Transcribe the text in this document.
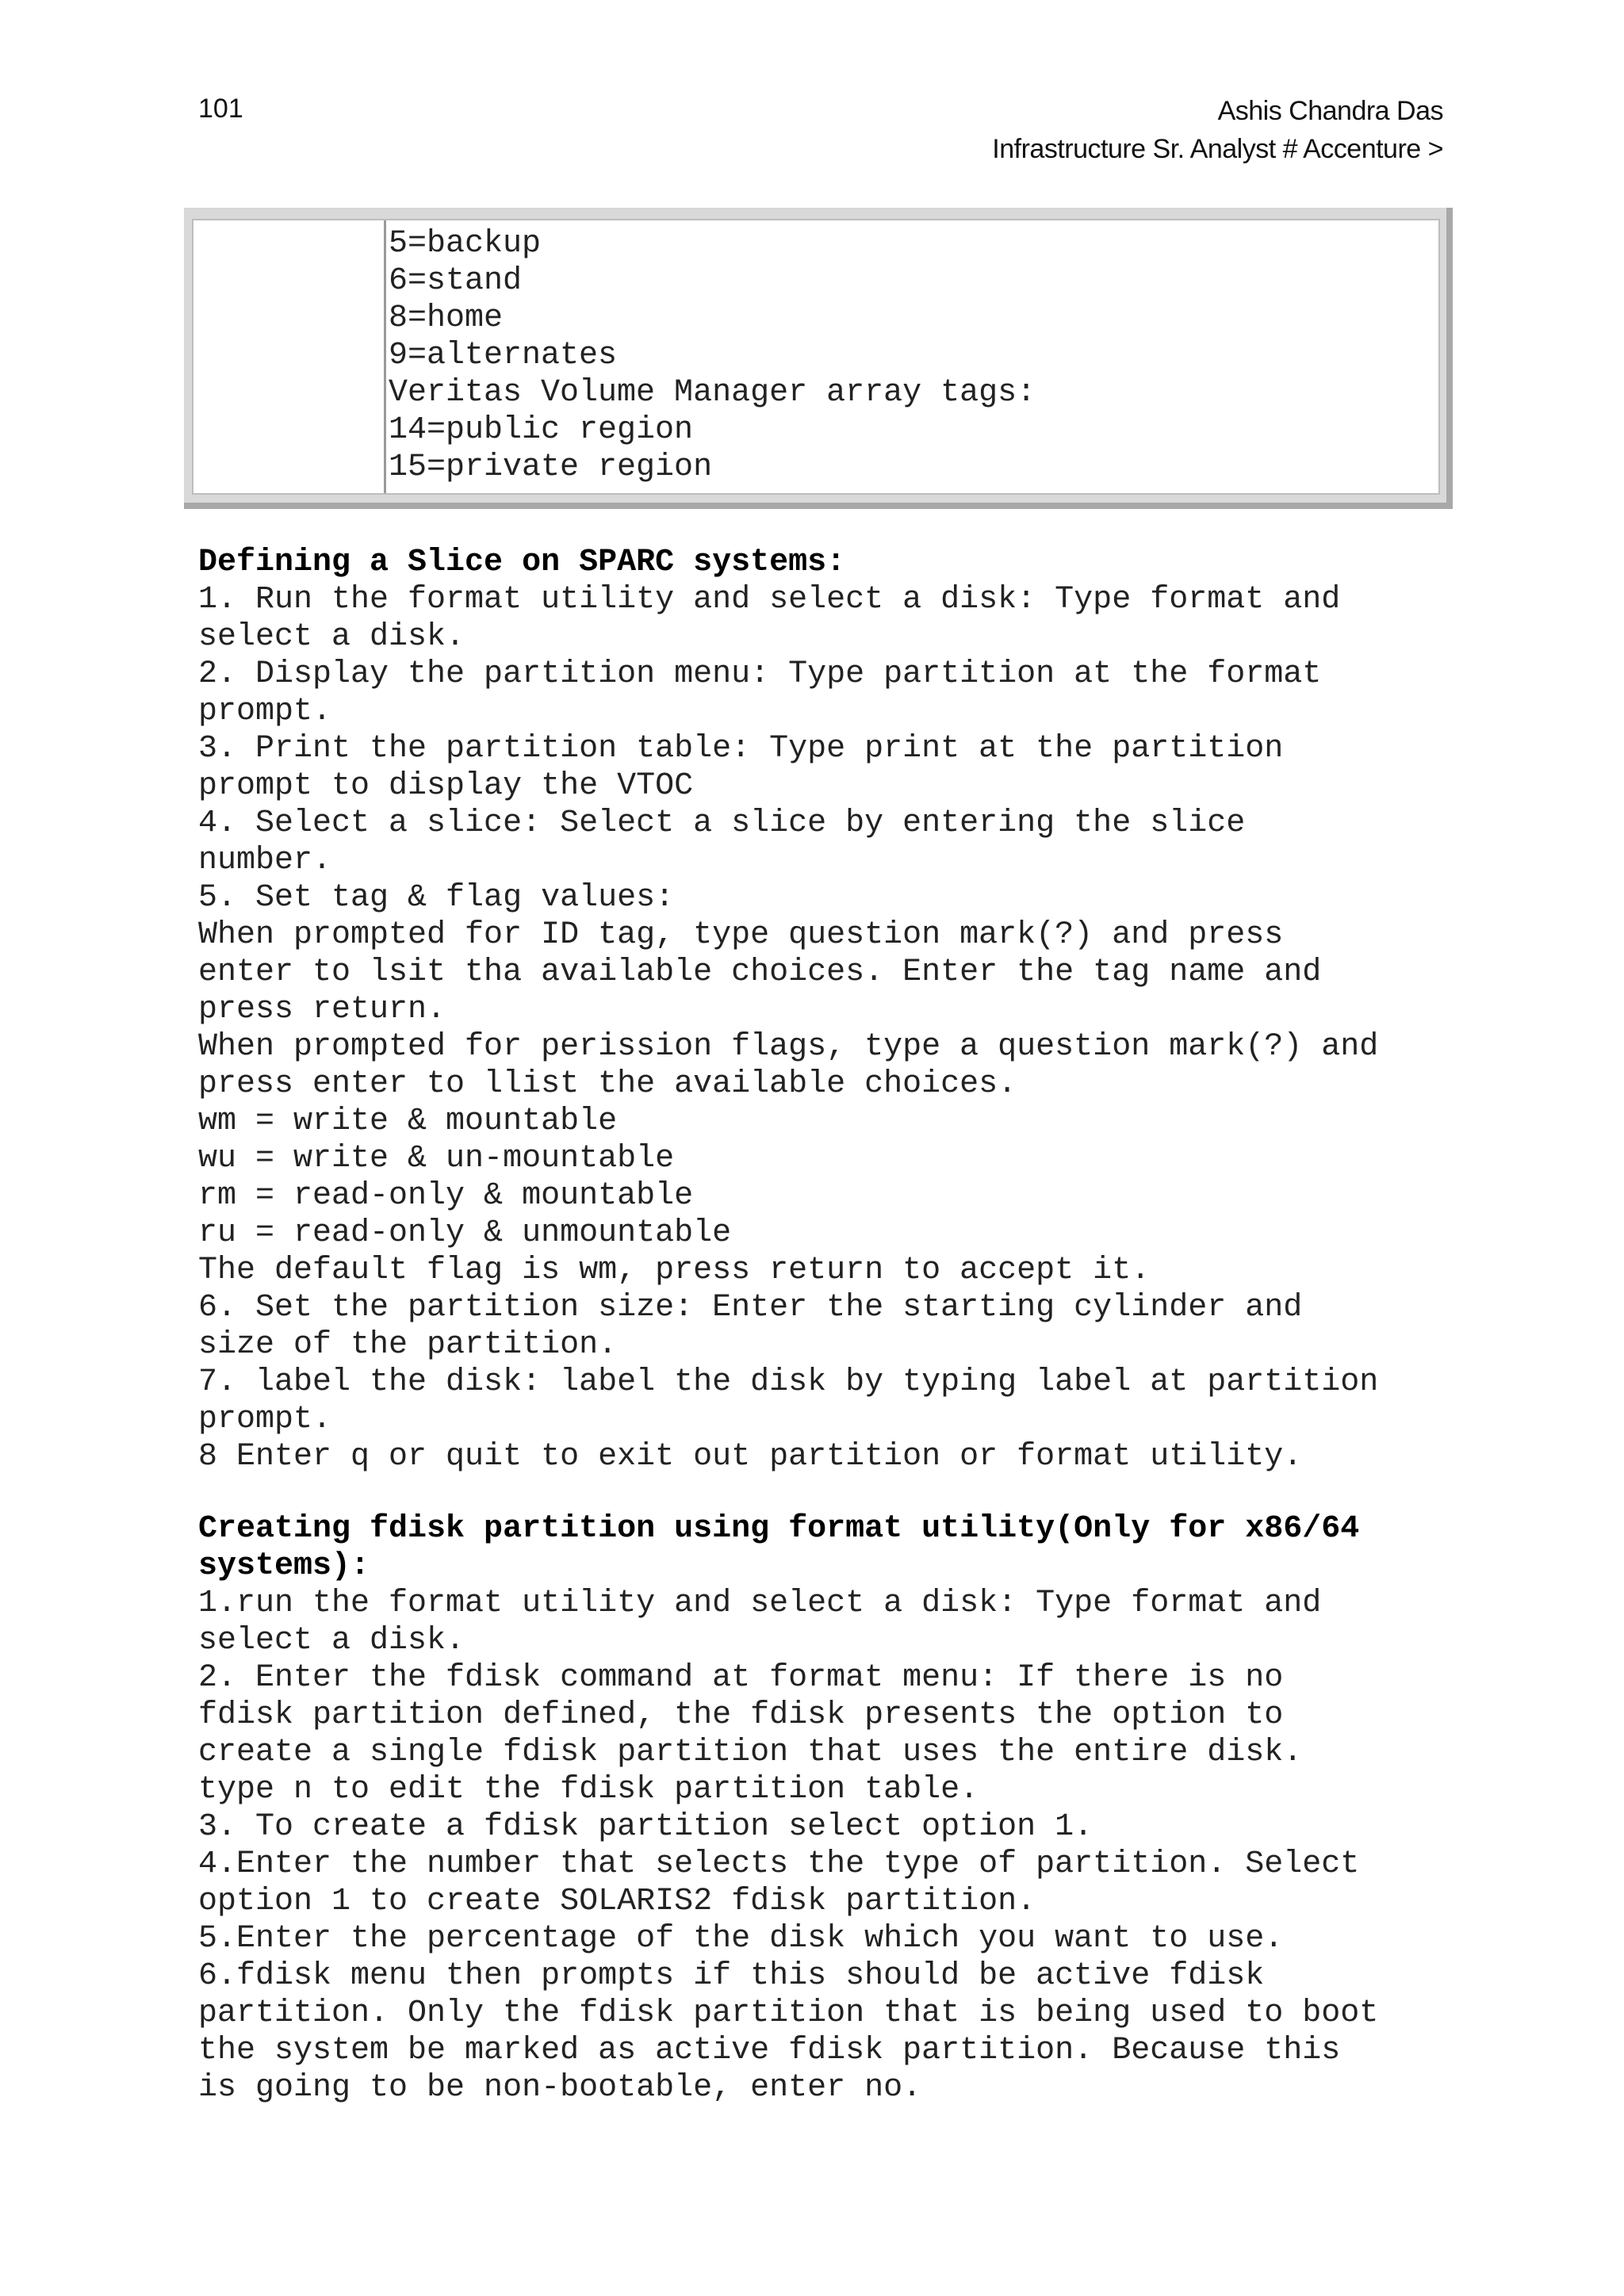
101	Ashis Chandra Das
Infrastructure Sr. Analyst # Accenture >
5=backup
6=stand
8=home
9=alternates
Veritas Volume Manager array tags:
14=public region
15=private region
Defining a Slice on SPARC systems:
1. Run the format utility and select a disk: Type format and
select a disk.
2. Display the partition menu: Type partition at the format
prompt.
3. Print the partition table: Type print at the partition
prompt to display the VTOC
4. Select a slice: Select a slice by entering the slice
number.
5. Set tag & flag values:
When prompted for ID tag, type question mark(?) and press
enter to lsit tha available choices. Enter the tag name and
press return.
When prompted for perission flags, type a question mark(?) and
press enter to llist the available choices.
wm = write & mountable
wu = write & un-mountable
rm = read-only & mountable
ru = read-only & unmountable
The default flag is wm, press return to accept it.
6. Set the partition size: Enter the starting cylinder and
size of the partition.
7. label the disk: label the disk by typing label at partition
prompt.
8 Enter q or quit to exit out partition or format utility.
Creating fdisk partition using format utility(Only for x86/64
systems):
1.run the format utility and select a disk: Type format and
select a disk.
2. Enter the fdisk command at format menu: If there is no
fdisk partition defined, the fdisk presents the option to
create a single fdisk partition that uses the entire disk.
type n to edit the fdisk partition table.
3. To create a fdisk partition select option 1.
4.Enter the number that selects the type of partition. Select
option 1 to create SOLARIS2 fdisk partition.
5.Enter the percentage of the disk which you want to use.
6.fdisk menu then prompts if this should be active fdisk
partition. Only the fdisk partition that is being used to boot
the system be marked as active fdisk partition. Because this
is going to be non-bootable, enter no.
